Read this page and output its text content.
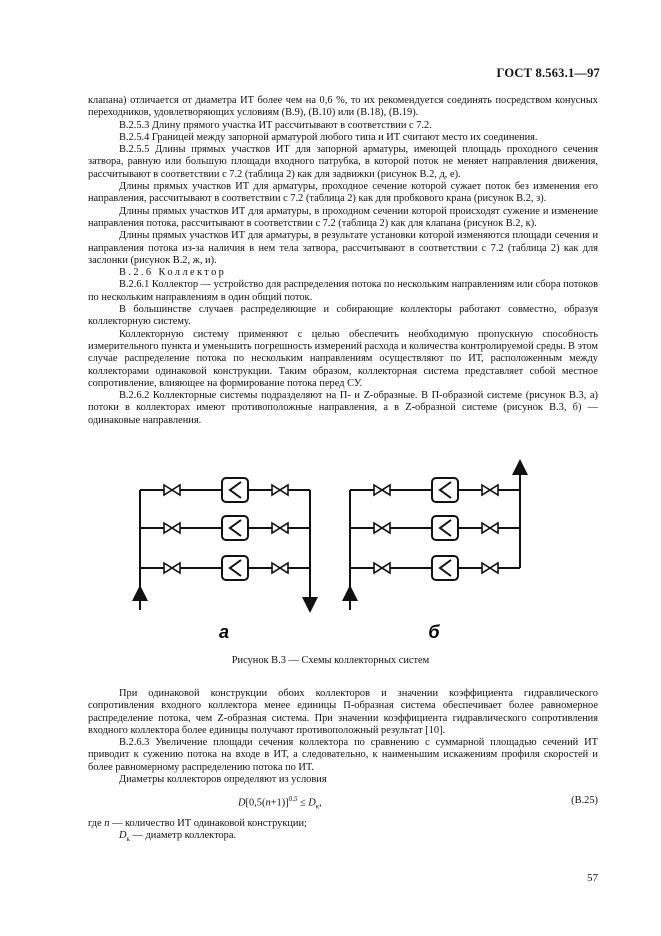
ГОСТ 8.563.1—97

клапана) отличается от диаметра ИТ более чем на 0,6 %, то их рекомендуется соединять посредством конусных переходников, удовлетворяющих условиям (В.9), (В.10) или (В.18), (В.19).

В.2.5.3 Длину прямого участка ИТ рассчитывают в соответствии с 7.2.

В.2.5.4 Границей между запорной арматурой любого типа и ИТ считают место их соединения.

В.2.5.5 Длины прямых участков ИТ для запорной арматуры, имеющей площадь проходного сечения затвора, равную или большую площади входного патрубка, в которой поток не меняет направления движения, рассчитывают в соответствии с 7.2 (таблица 2) как для задвижки (рисунок В.2, д, е).

Длины прямых участков ИТ для арматуры, проходное сечение которой сужает поток без изменения его направления, рассчитывают в соответствии с 7.2 (таблица 2) как для пробкового крана (рисунок В.2, з).

Длины прямых участков ИТ для арматуры, в проходном сечении которой происходят сужение и изменение направления потока, рассчитывают в соответствии с 7.2 (таблица 2) как для клапана (рисунок В.2, к).

Длины прямых участков ИТ для арматуры, в результате установки которой изменяются площади сечения и направления потока из-за наличия в нем тела затвора, рассчитывают в соответствии с 7.2 (таблица 2) как для заслонки (рисунок В.2, ж, и).

В.2.6 Коллектор

В.2.6.1 Коллектор — устройство для распределения потока по нескольким направлениям или сбора потоков по нескольким направлениям в один общий поток.

В большинстве случаев распределяющие и собирающие коллекторы работают совместно, образуя коллекторную систему.

Коллекторную систему применяют с целью обеспечить необходимую пропускную способность измерительного пункта и уменьшить погрешность измерений расхода и количества контролируемой среды. В этом случае распределение потока по нескольким направлениям осуществляют по ИТ, расположенным между коллекторами одинаковой конструкции. Таким образом, коллекторная система представляет собой местное сопротивление, влияющее на формирование потока перед СУ.

В.2.6.2 Коллекторные системы подразделяют на П- и Z-образные. В П-образной системе (рисунок В.3, а) потоки в коллекторах имеют противоположные направления, а в Z-образной системе (рисунок В.3, б) — одинаковые направления.

а	б
Рисунок В.3 — Схемы коллекторных систем

При одинаковой конструкции обоих коллекторов и значении коэффициента гидравлического сопротивления входного коллектора менее единицы П-образная система обеспечивает более равномерное распределение потока, чем Z-образная система. При значении коэффициента гидравлического сопротивления входного коллектора более единицы получают противоположный результат [10].

В.2.6.3 Увеличение площади сечения коллектора по сравнению с суммарной площадью сечений ИТ приводит к сужению потока на входе в ИТ, а следовательно, к наименьшим искажениям профиля скоростей и более равномерному распределению потока по ИТ.

Диаметры коллекторов определяют из условия

$D[0,5(n+1)]^{0,5} \le D_к$,	(В.25)

где n — количество ИТ одинаковой конструкции;

$D_к$ — диаметр коллектора.

57
